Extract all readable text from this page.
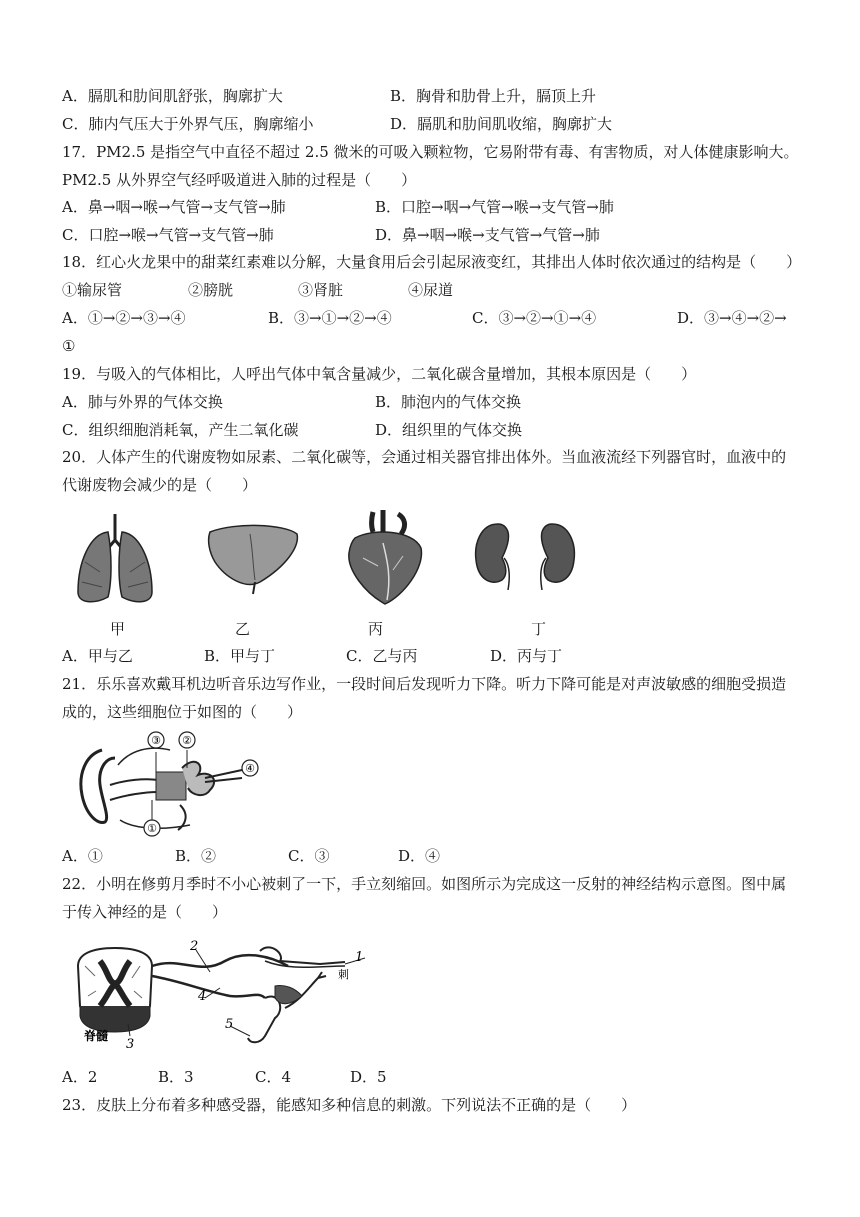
A．膈肌和肋间肌舒张，胸廓扩大	B．胸骨和肋骨上升，膈顶上升
C．肺内气压大于外界气压，胸廓缩小	D．膈肌和肋间肌收缩，胸廓扩大
17．PM2.5 是指空气中直径不超过 2.5 微米的可吸入颗粒物，它易附带有毒、有害物质，对人体健康影响大。
PM2.5 从外界空气经呼吸道进入肺的过程是（　　）
A．鼻→咽→喉→气管→支气管→肺	B．口腔→咽→气管→喉→支气管→肺
C．口腔→喉→气管→支气管→肺	D．鼻→咽→喉→支气管→气管→肺
18．红心火龙果中的甜菜红素难以分解，大量食用后会引起尿液变红，其排出人体时依次通过的结构是（　　）
①输尿管	②膀胱	③肾脏	④尿道
A．①→②→③→④	B．③→①→②→④	C．③→②→①→④	D．③→④→②→
①
19．与吸入的气体相比，人呼出气体中氧含量减少，二氧化碳含量增加，其根本原因是（　　）
A．肺与外界的气体交换	B．肺泡内的气体交换
C．组织细胞消耗氧，产生二氧化碳	D．组织里的气体交换
20．人体产生的代谢废物如尿素、二氧化碳等，会通过相关器官排出体外。当血液流经下列器官时，血液中的
代谢废物会减少的是（　　）
甲	乙	丙	丁
A．甲与乙	B．甲与丁	C．乙与丙	D．丙与丁
21．乐乐喜欢戴耳机边听音乐边写作业，一段时间后发现听力下降。听力下降可能是对声波敏感的细胞受损造
成的，这些细胞位于如图的（　　）
③ ②
④
①
A．①	B．②	C．③	D．④
22．小明在修剪月季时不小心被刺了一下，手立刻缩回。如图所示为完成这一反射的神经结构示意图。图中属
于传入神经的是（　　）
2
1
刺
4
5
3
脊髓
A．2	B．3	C．4	D．5
23．皮肤上分布着多种感受器，能感知多种信息的刺激。下列说法不正确的是（　　）
